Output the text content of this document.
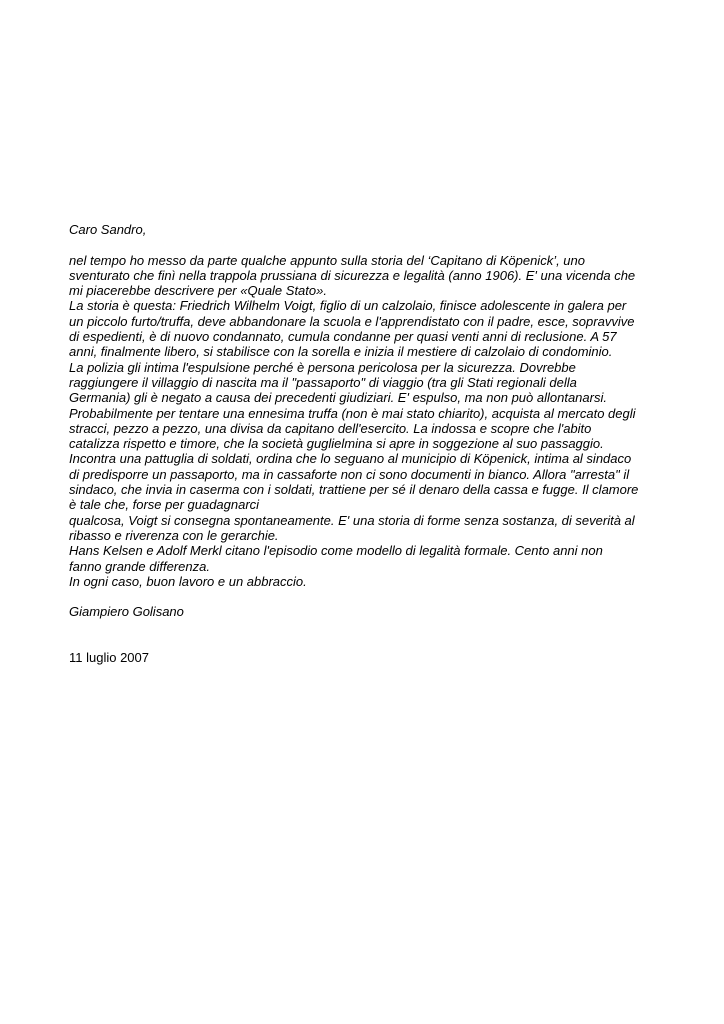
Caro Sandro,
nel tempo ho messo da parte qualche appunto sulla storia del ‘Capitano di Köpenick’, uno
sventurato che finì nella trappola prussiana di sicurezza e legalità (anno 1906). E' una vicenda che
mi piacerebbe descrivere per «Quale Stato».
La storia è questa: Friedrich Wilhelm Voigt, figlio di un calzolaio, finisce adolescente in galera per
un piccolo furto/truffa, deve abbandonare la scuola e l'apprendistato con il padre, esce, sopravvive
di espedienti, è di nuovo condannato, cumula condanne per quasi venti anni di reclusione. A 57
anni, finalmente libero, si stabilisce con la sorella e inizia il mestiere di calzolaio di condominio.
La polizia gli intima l'espulsione perché è persona pericolosa per la sicurezza. Dovrebbe
raggiungere il villaggio di nascita ma il "passaporto" di viaggio (tra gli Stati regionali della
Germania) gli è negato a causa dei precedenti giudiziari. E' espulso, ma non può allontanarsi.
Probabilmente per tentare una ennesima truffa (non è mai stato chiarito), acquista al mercato degli
stracci, pezzo a pezzo, una divisa da capitano dell'esercito. La indossa e scopre che l'abito
catalizza rispetto e timore, che la società guglielmina si apre in soggezione al suo passaggio.
Incontra una pattuglia di soldati, ordina che lo seguano al municipio di Köpenick, intima al sindaco
di predisporre un passaporto, ma in cassaforte non ci sono documenti in bianco. Allora "arresta" il
sindaco, che invia in caserma con i soldati, trattiene per sé il denaro della cassa e fugge. Il clamore
è tale che, forse per guadagnarci
qualcosa, Voigt si consegna spontaneamente. E' una storia di forme senza sostanza, di severità al
ribasso e riverenza con le gerarchie.
Hans Kelsen e Adolf Merkl citano l'episodio come modello di legalità formale. Cento anni non
fanno grande differenza.
In ogni caso, buon lavoro e un abbraccio.
Giampiero Golisano
11 luglio 2007
